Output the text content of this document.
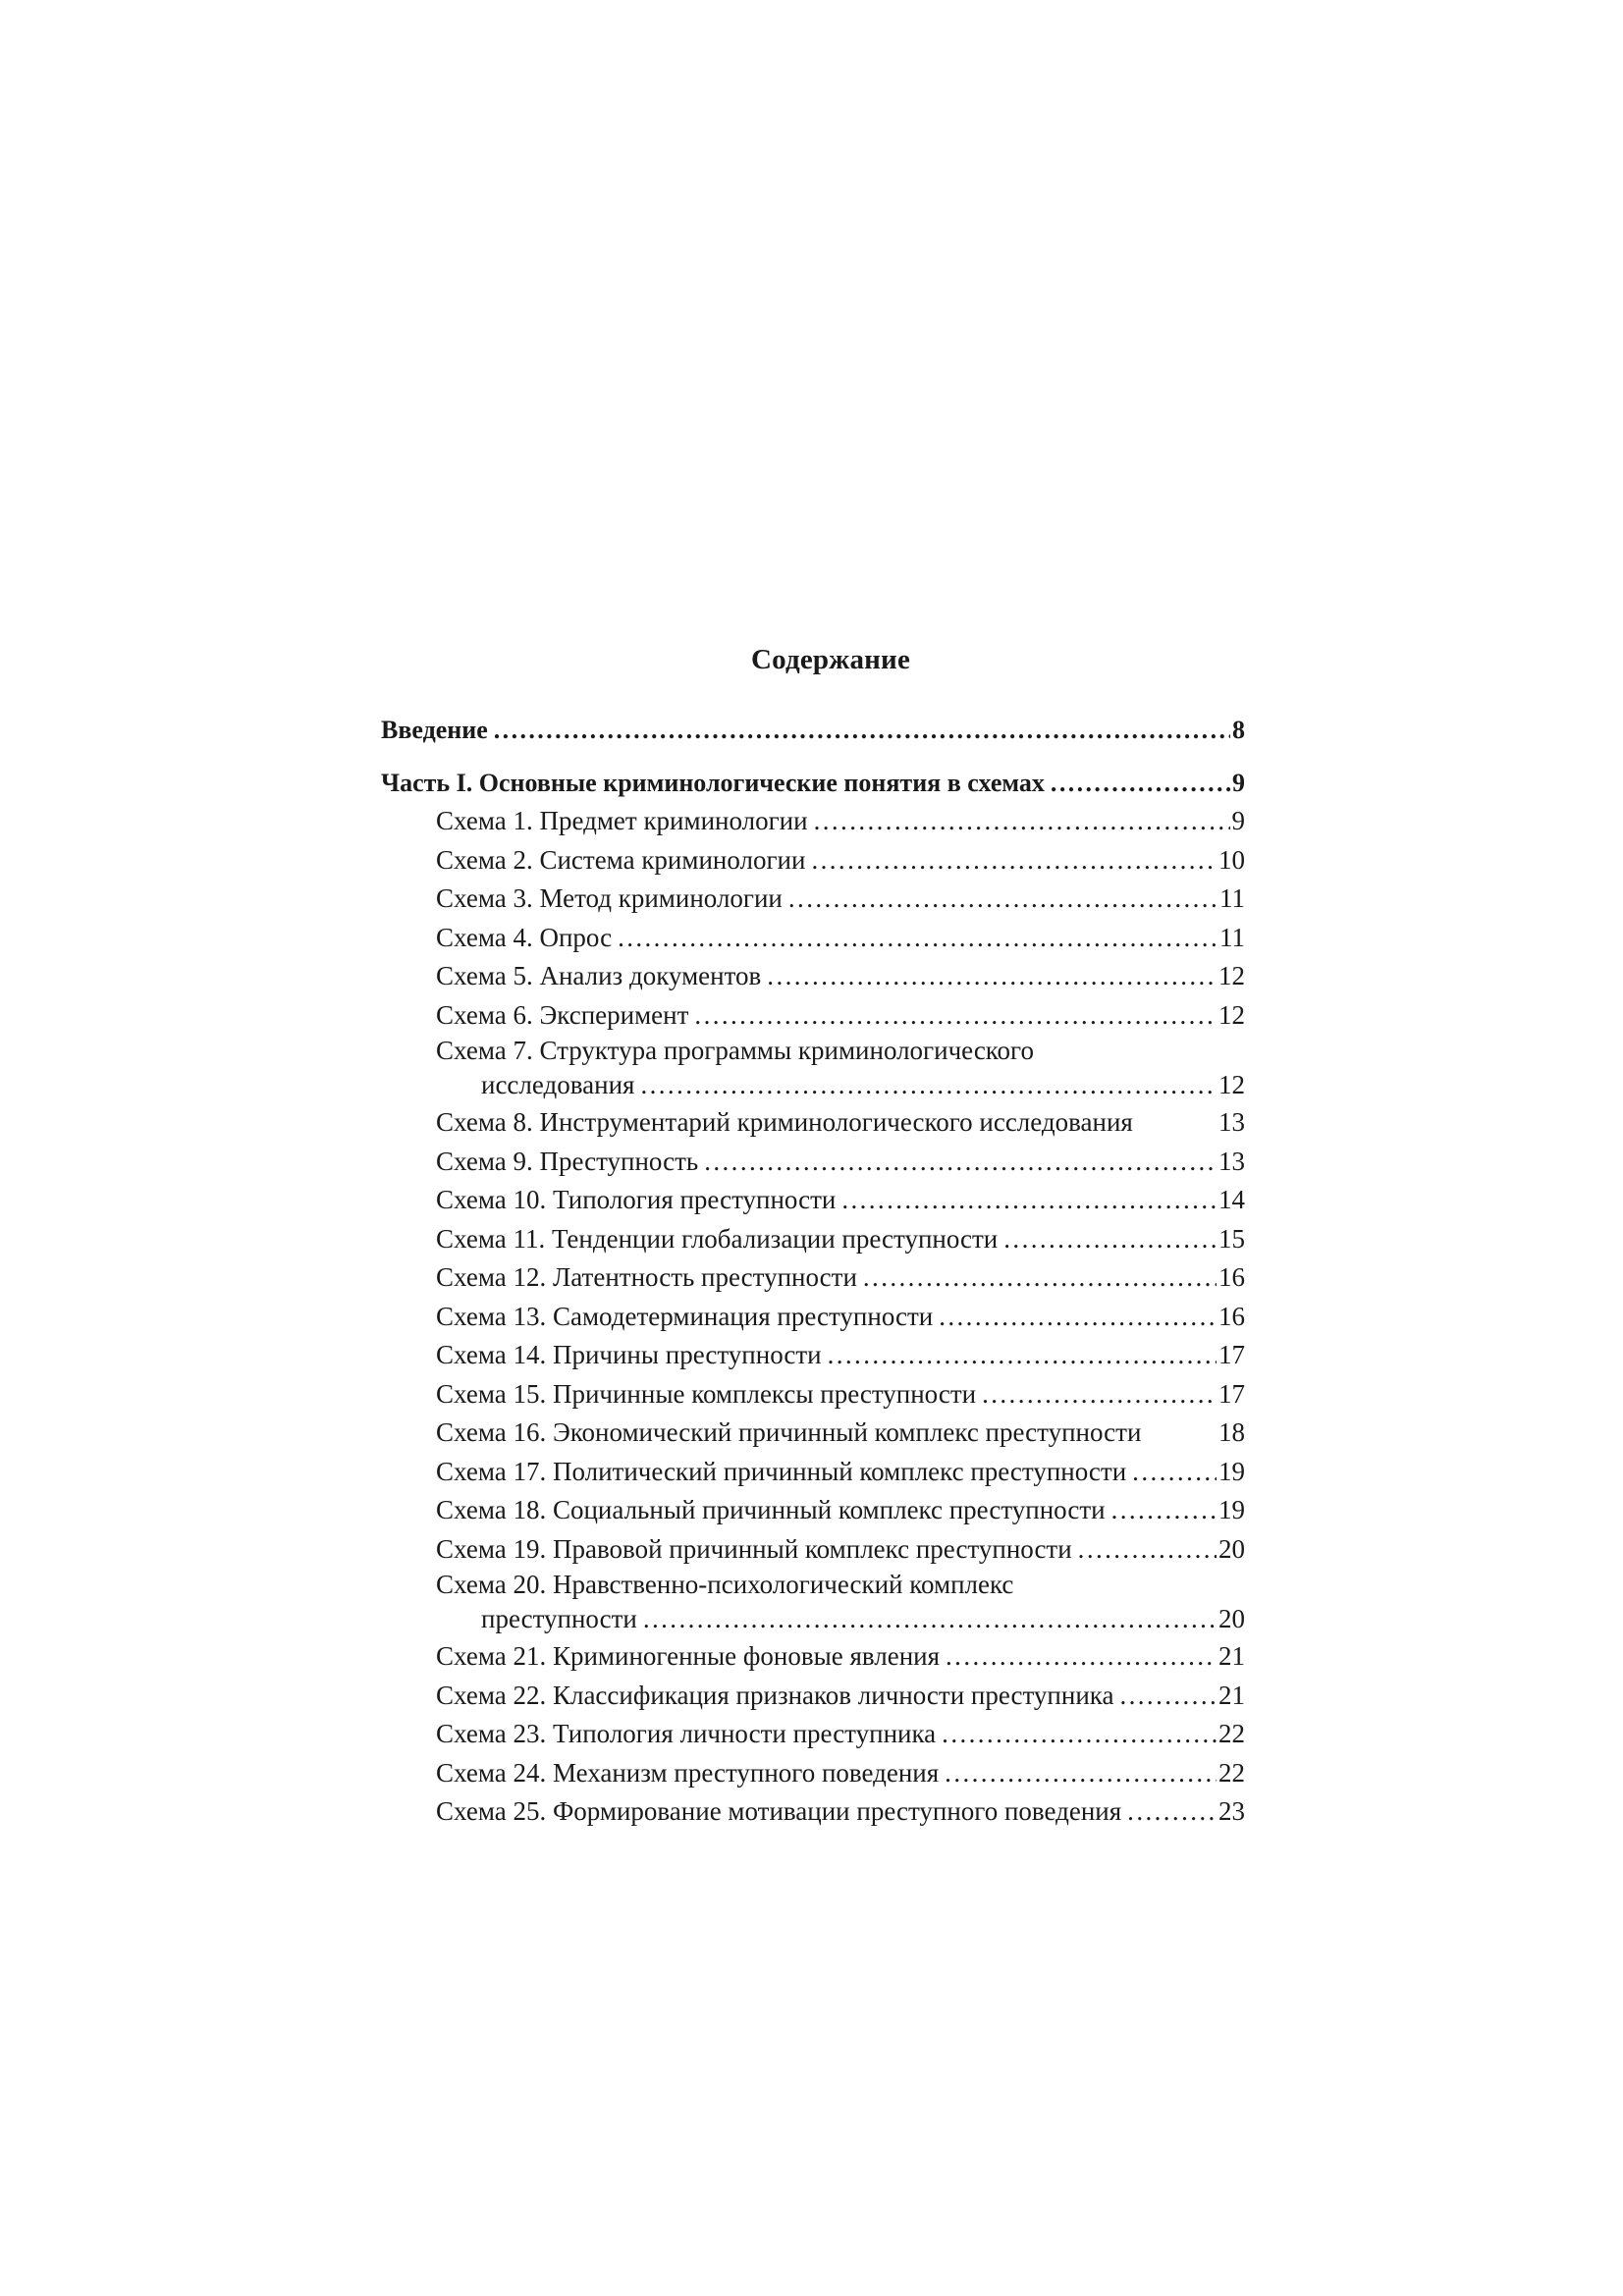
Содержание
Введение .....	8
Часть I. Основные криминологические понятия в схемах .....	9
Схема 1. Предмет криминологии .....	9
Схема 2. Система криминологии .....	10
Схема 3. Метод криминологии .....	11
Схема 4. Опрос .....	11
Схема 5. Анализ документов .....	12
Схема 6. Эксперимент .....	12
Схема 7. Структура программы криминологического
исследования .....	12
Схема 8. Инструментарий криминологического исследования	13
Схема 9. Преступность .....	13
Схема 10. Типология преступности .....	14
Схема 11. Тенденции глобализации преступности .....	15
Схема 12. Латентность преступности .....	16
Схема 13. Самодетерминация преступности .....	16
Схема 14. Причины преступности .....	17
Схема 15. Причинные комплексы преступности .....	17
Схема 16. Экономический причинный комплекс преступности	18
Схема 17. Политический причинный комплекс преступности .....	19
Схема 18. Социальный причинный комплекс преступности .....	19
Схема 19. Правовой причинный комплекс преступности .....	20
Схема 20. Нравственно-психологический комплекс
преступности .....	20
Схема 21. Криминогенные фоновые явления .....	21
Схема 22. Классификация признаков личности преступника .....	21
Схема 23. Типология личности преступника .....	22
Схема 24. Механизм преступного поведения .....	22
Схема 25. Формирование мотивации преступного поведения .....	23
